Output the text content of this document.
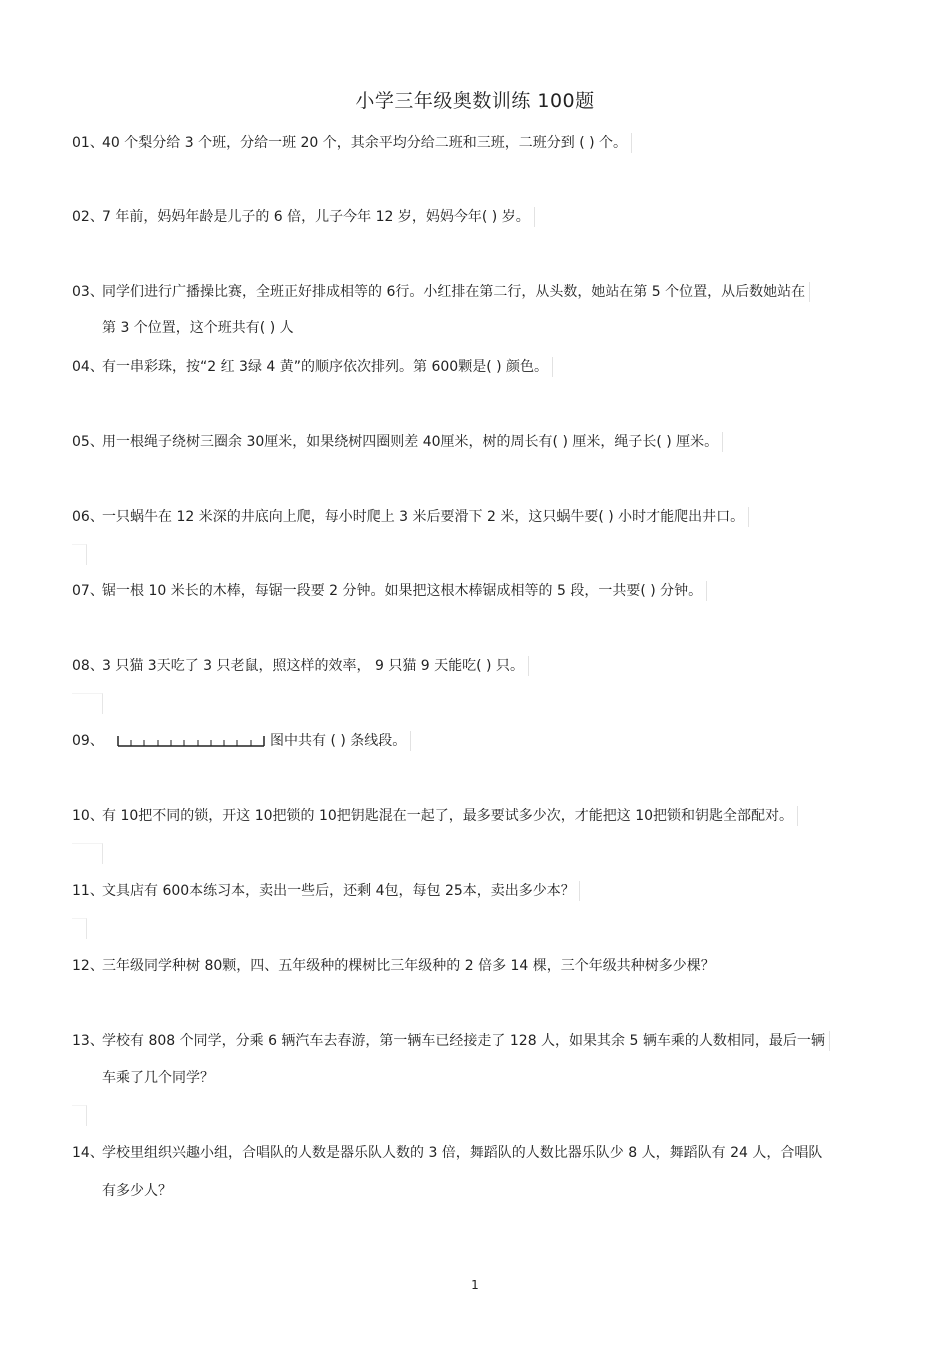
小学三年级奥数训练 100题
01、40 个梨分给 3 个班，分给一班 20 个，其余平均分给二班和三班，二班分到 ( ) 个。
02、7 年前，妈妈年龄是儿子的 6 倍，儿子今年 12 岁，妈妈今年( ) 岁。
03、同学们进行广播操比赛，全班正好排成相等的 6行。小红排在第二行，从头数，她站在第 5 个位置，从后数她站在
第 3 个位置，这个班共有( ) 人
04、有一串彩珠，按“2 红 3绿 4 黄”的顺序依次排列。第 600颗是( ) 颜色。
05、用一根绳子绕树三圈余 30厘米，如果绕树四圈则差 40厘米，树的周长有( ) 厘米，绳子长( ) 厘米。
06、一只蜗牛在 12 米深的井底向上爬，每小时爬上 3 米后要滑下 2 米，这只蜗牛要( ) 小时才能爬出井口。
07、锯一根 10 米长的木棒，每锯一段要 2 分钟。如果把这根木棒锯成相等的 5 段，一共要( ) 分钟。
08、3 只猫 3天吃了 3 只老鼠，照这样的效率， 9 只猫 9 天能吃( ) 只。
09、	图中共有 ( ) 条线段。
10、有 10把不同的锁，开这 10把锁的 10把钥匙混在一起了，最多要试多少次，才能把这 10把锁和钥匙全部配对。
11、文具店有 600本练习本，卖出一些后，还剩 4包，每包 25本，卖出多少本？
12、三年级同学种树 80颗，四、五年级种的棵树比三年级种的 2 倍多 14 棵，三个年级共种树多少棵？
13、学校有 808 个同学，分乘 6 辆汽车去春游，第一辆车已经接走了 128 人，如果其余 5 辆车乘的人数相同，最后一辆
车乘了几个同学？
14、学校里组织兴趣小组，合唱队的人数是器乐队人数的 3 倍，舞蹈队的人数比器乐队少 8 人，舞蹈队有 24 人，合唱队
有多少人？
1
